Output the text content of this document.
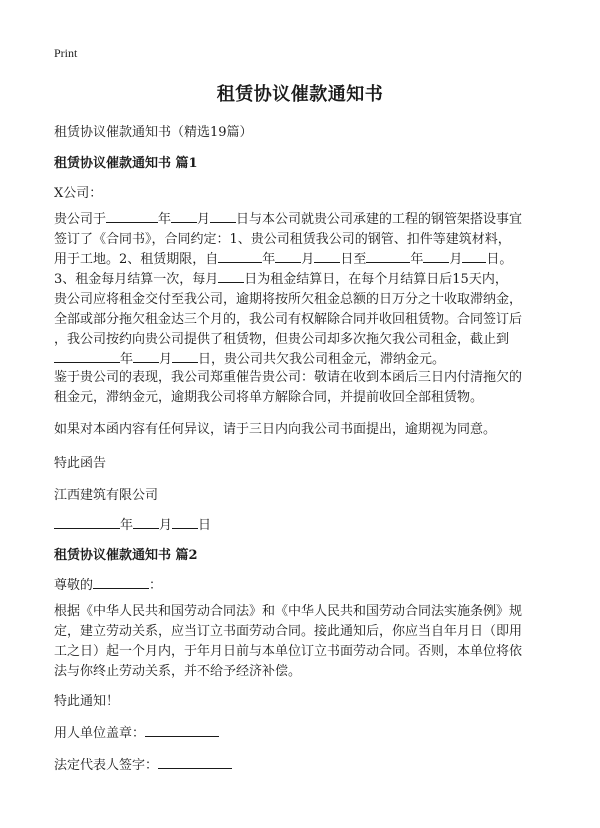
Print
租赁协议催款通知书
租赁协议催款通知书（精选19篇）
租赁协议催款通知书 篇1
X公司：
贵公司于	年 月 日与本公司就贵公司承建的工程的钢管架搭设事宜
签订了《合同书》，合同约定：1、贵公司租赁我公司的钢管、扣件等建筑材料，
用于工地。2、租赁期限，自	年 月 日至	年 月 日。
3、租金每月结算一次，每月 日为租金结算日，在每个月结算日后15天内，
贵公司应将租金交付至我公司，逾期将按所欠租金总额的日万分之十收取滞纳金，
全部或部分拖欠租金达三个月的，我公司有权解除合同并收回租赁物。合同签订后
，我公司按约向贵公司提供了租赁物，但贵公司却多次拖欠我公司租金，截止到
年 月 日，贵公司共欠我公司租金元，滞纳金元。
鉴于贵公司的表现，我公司郑重催告贵公司：敬请在收到本函后三日内付清拖欠的
租金元，滞纳金元，逾期我公司将单方解除合同，并提前收回全部租赁物。
如果对本函内容有任何异议，请于三日内向我公司书面提出，逾期视为同意。
特此函告
江西建筑有限公司
年 月 日
租赁协议催款通知书 篇2
尊敬的	：
根据《中华人民共和国劳动合同法》和《中华人民共和国劳动合同法实施条例》规
定，建立劳动关系，应当订立书面劳动合同。接此通知后，你应当自年月日（即用
工之日）起一个月内，于年月日前与本单位订立书面劳动合同。否则，本单位将依
法与你终止劳动关系，并不给予经济补偿。
特此通知！
用人单位盖章：
法定代表人签字：
